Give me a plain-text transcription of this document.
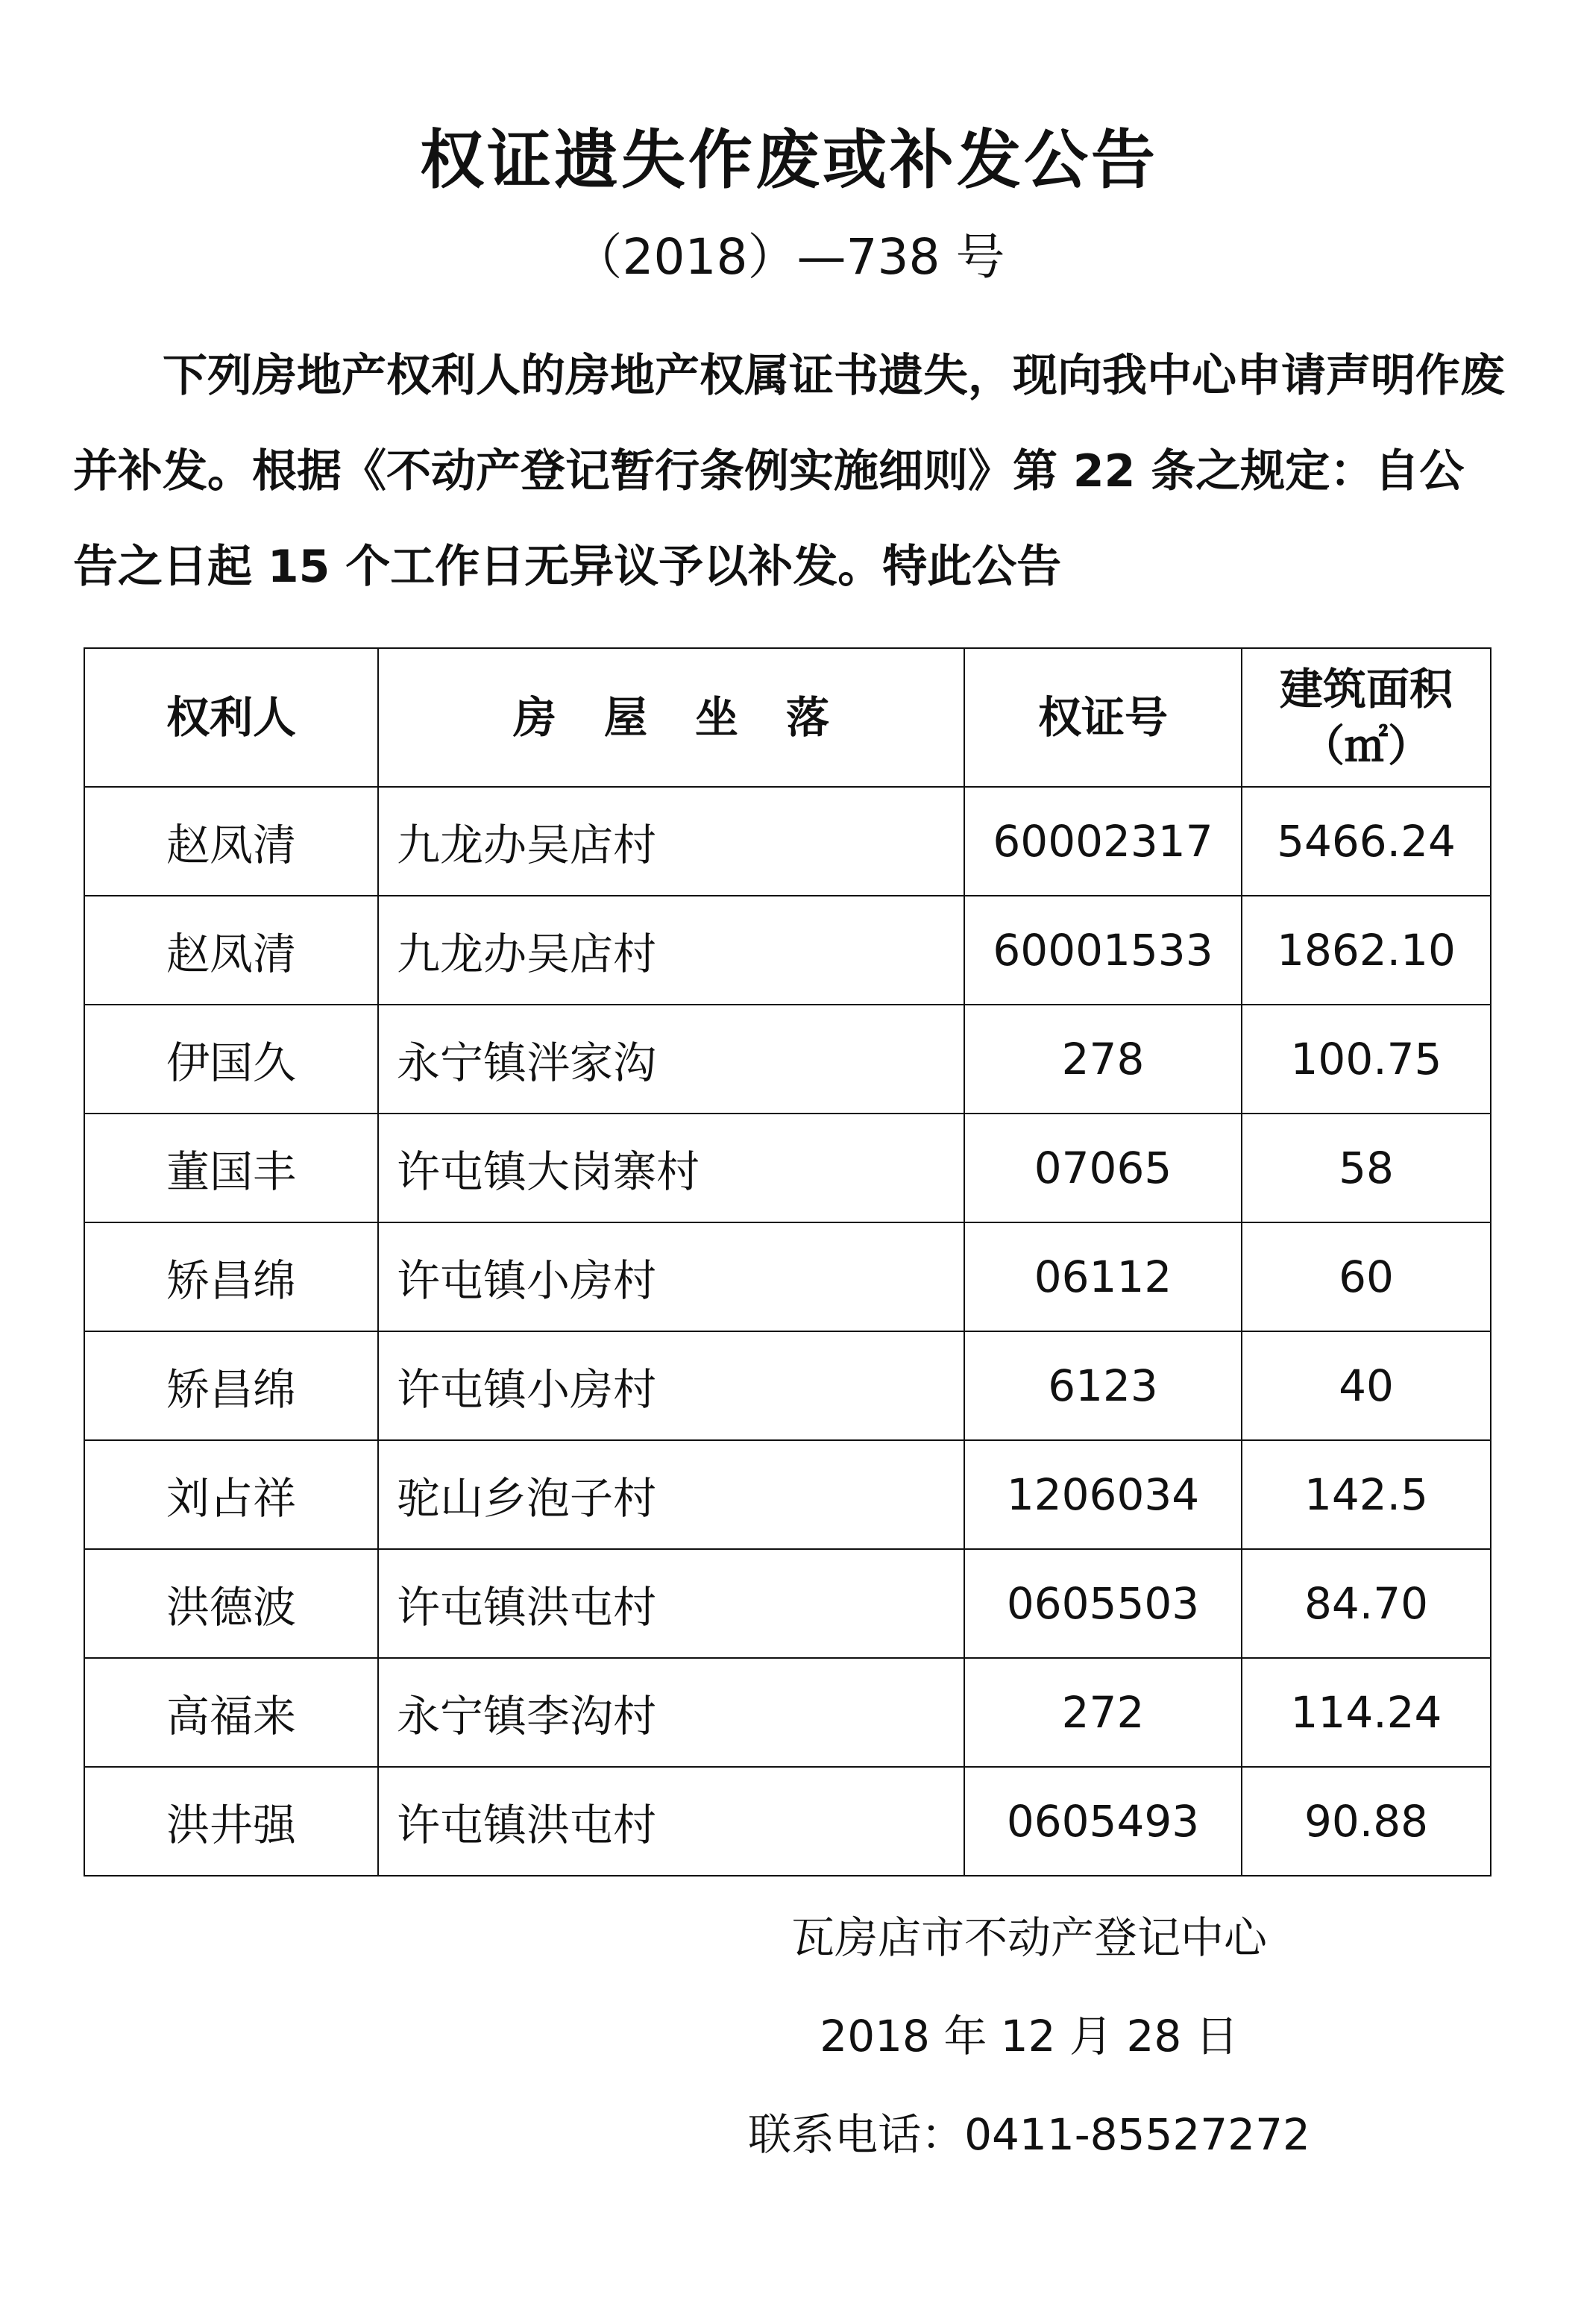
权证遗失作废或补发公告
（2018）—738 号

下列房地产权利人的房地产权属证书遗失，现向我中心申请声明作废并补发。根据《不动产登记暂行条例实施细则》第 22 条之规定：自公告之日起 15 个工作日无异议予以补发。特此公告

权利人	房屋坐落	权证号	建筑面积
（㎡）

赵凤清	九龙办吴店村	60002317	5466.24
赵凤清	九龙办吴店村	60001533	1862.10
伊国久	永宁镇泮家沟	278	100.75
董国丰	许屯镇大岗寨村	07065	58
矫昌绵	许屯镇小房村	06112	60
矫昌绵	许屯镇小房村	6123	40
刘占祥	驼山乡泡子村	1206034	142.5
洪德波	许屯镇洪屯村	0605503	84.70
高福来	永宁镇李沟村	272	114.24
洪井强	许屯镇洪屯村	0605493	90.88
瓦房店市不动产登记中心
2018 年 12 月 28 日
联系电话：0411-85527272
